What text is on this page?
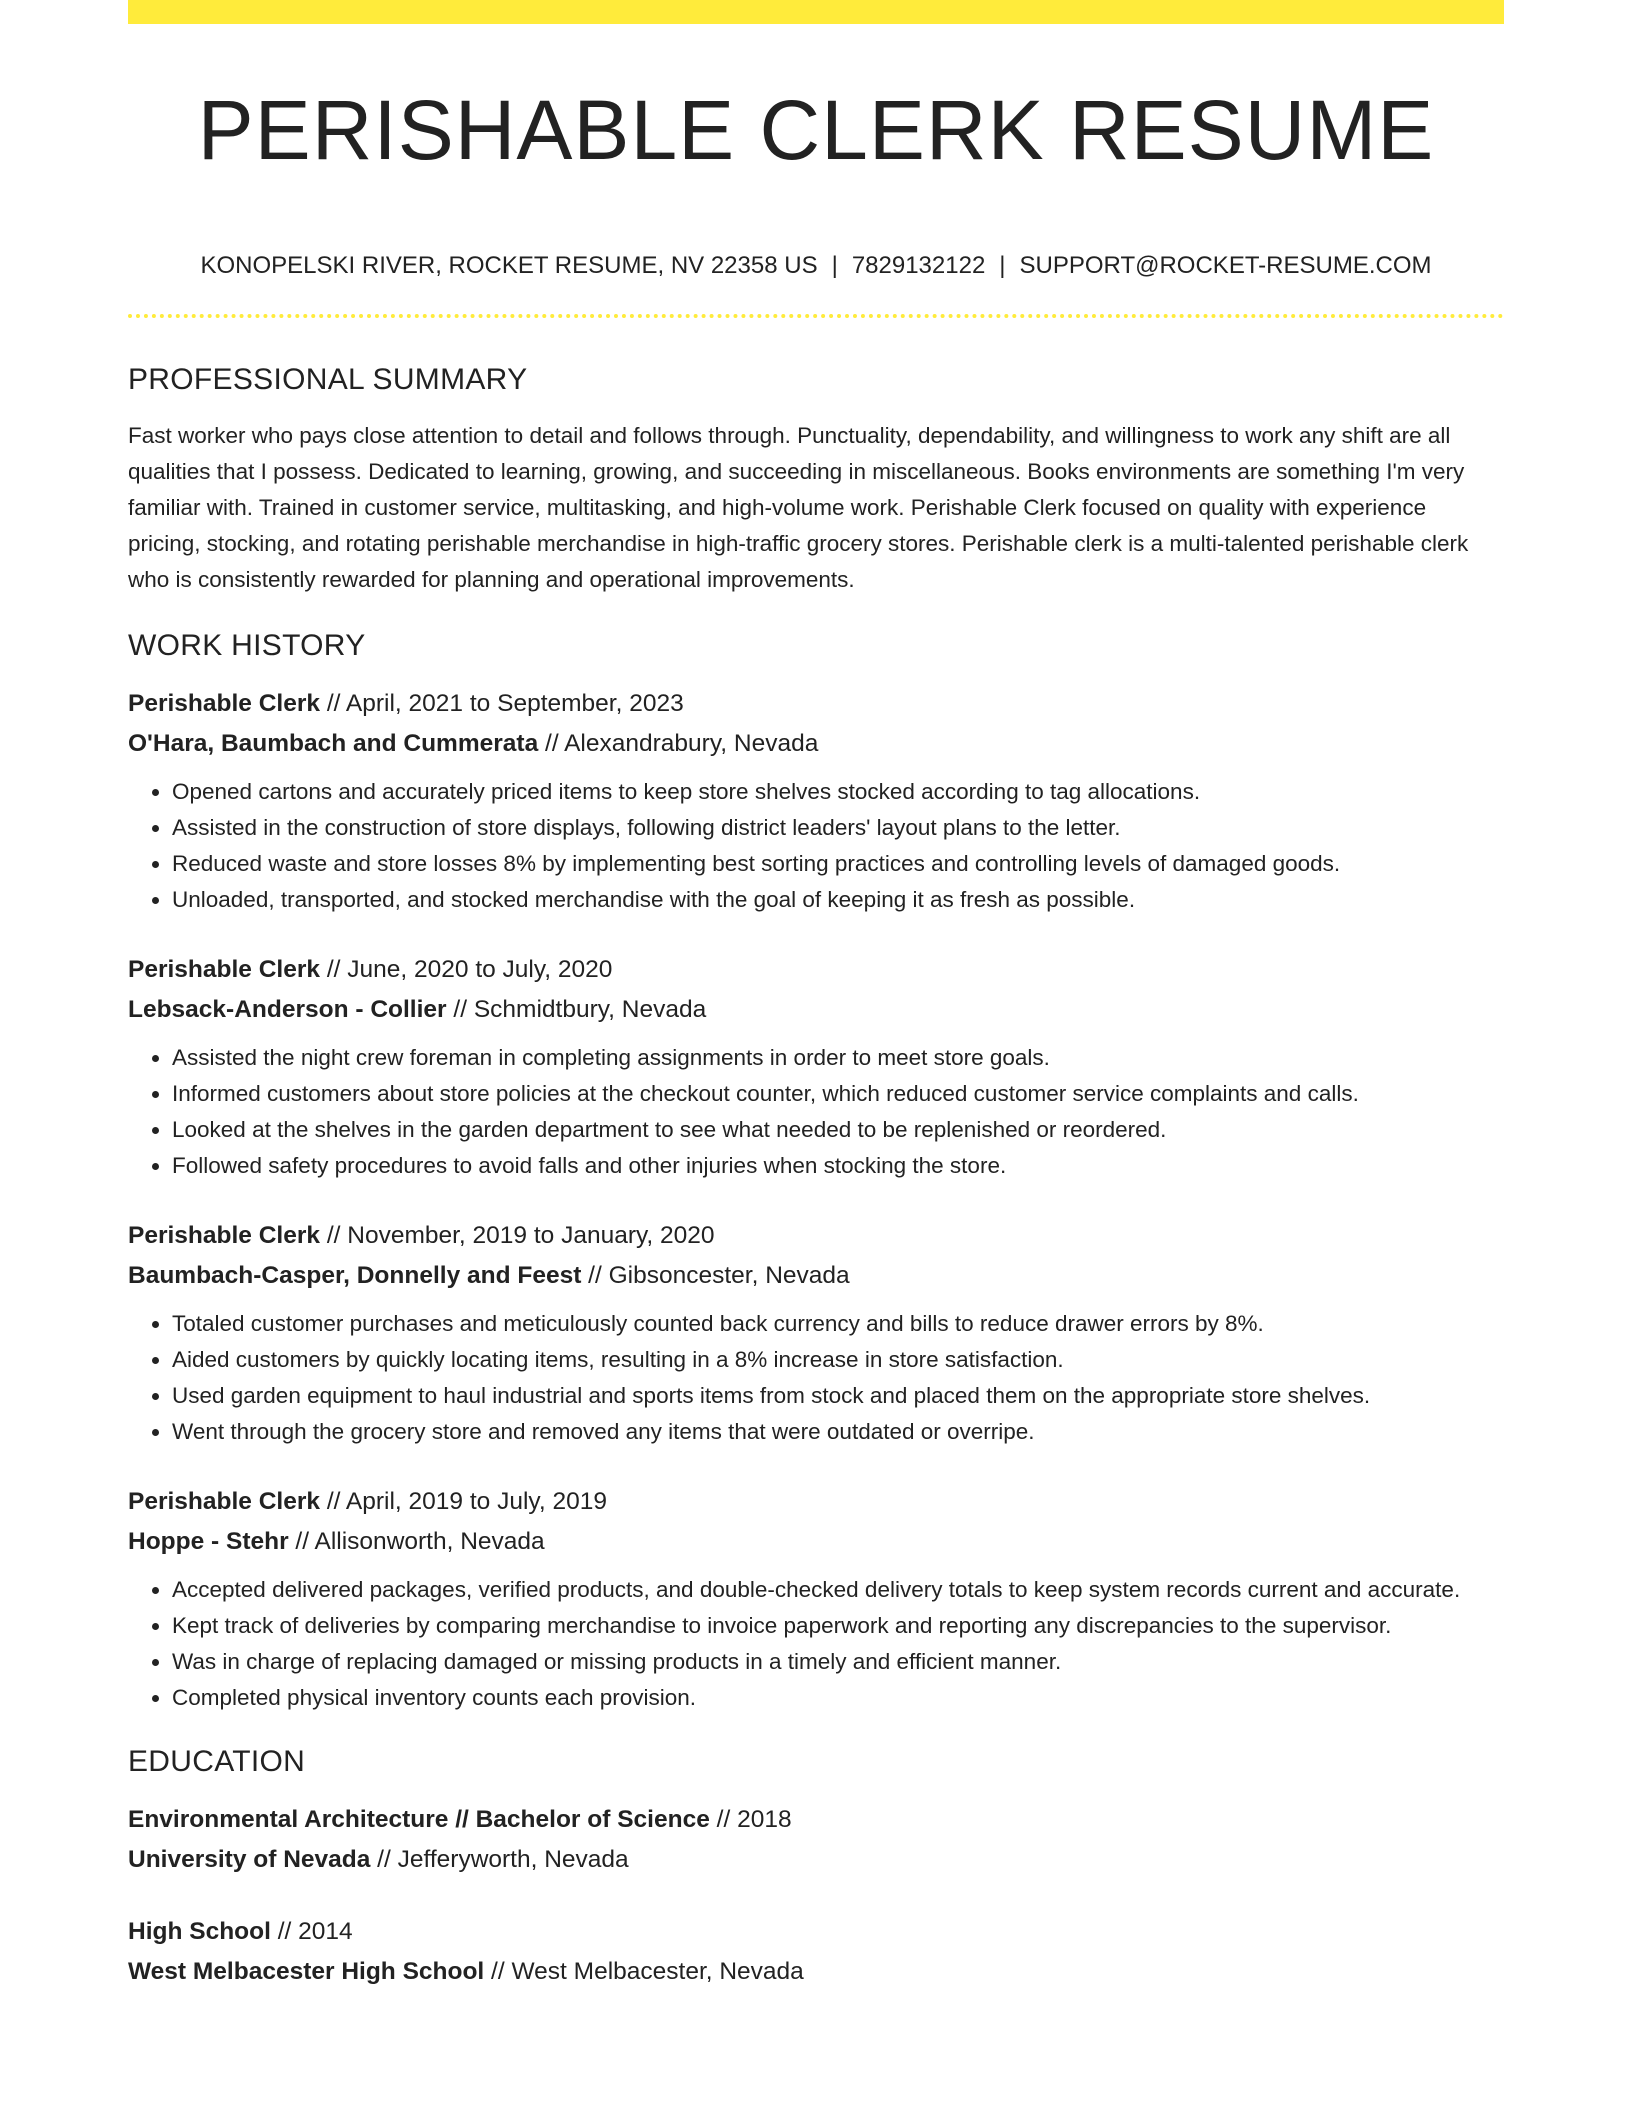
PERISHABLE CLERK RESUME
KONOPELSKI RIVER, ROCKET RESUME, NV 22358 US | 7829132122 | SUPPORT@ROCKET-RESUME.COM
PROFESSIONAL SUMMARY

Fast worker who pays close attention to detail and follows through. Punctuality, dependability, and willingness to work any shift are all qualities that I possess. Dedicated to learning, growing, and succeeding in miscellaneous. Books environments are something I'm very familiar with. Trained in customer service, multitasking, and high-volume work. Perishable Clerk focused on quality with experience pricing, stocking, and rotating perishable merchandise in high-traffic grocery stores. Perishable clerk is a multi-talented perishable clerk who is consistently rewarded for planning and operational improvements.

WORK HISTORY
Perishable Clerk // April, 2021 to September, 2023
O'Hara, Baumbach and Cummerata // Alexandrabury, Nevada
• Opened cartons and accurately priced items to keep store shelves stocked according to tag allocations.
• Assisted in the construction of store displays, following district leaders' layout plans to the letter.
• Reduced waste and store losses 8% by implementing best sorting practices and controlling levels of damaged goods.
• Unloaded, transported, and stocked merchandise with the goal of keeping it as fresh as possible.
Perishable Clerk // June, 2020 to July, 2020
Lebsack-Anderson - Collier // Schmidtbury, Nevada
• Assisted the night crew foreman in completing assignments in order to meet store goals.
• Informed customers about store policies at the checkout counter, which reduced customer service complaints and calls.
• Looked at the shelves in the garden department to see what needed to be replenished or reordered.
• Followed safety procedures to avoid falls and other injuries when stocking the store.
Perishable Clerk // November, 2019 to January, 2020
Baumbach-Casper, Donnelly and Feest // Gibsoncester, Nevada
• Totaled customer purchases and meticulously counted back currency and bills to reduce drawer errors by 8%.
• Aided customers by quickly locating items, resulting in a 8% increase in store satisfaction.
• Used garden equipment to haul industrial and sports items from stock and placed them on the appropriate store shelves.
• Went through the grocery store and removed any items that were outdated or overripe.
Perishable Clerk // April, 2019 to July, 2019
Hoppe - Stehr // Allisonworth, Nevada
• Accepted delivered packages, verified products, and double-checked delivery totals to keep system records current and accurate.
• Kept track of deliveries by comparing merchandise to invoice paperwork and reporting any discrepancies to the supervisor.
• Was in charge of replacing damaged or missing products in a timely and efficient manner.
• Completed physical inventory counts each provision.
EDUCATION
Environmental Architecture // Bachelor of Science // 2018
University of Nevada // Jefferyworth, Nevada
High School // 2014
West Melbacester High School // West Melbacester, Nevada
